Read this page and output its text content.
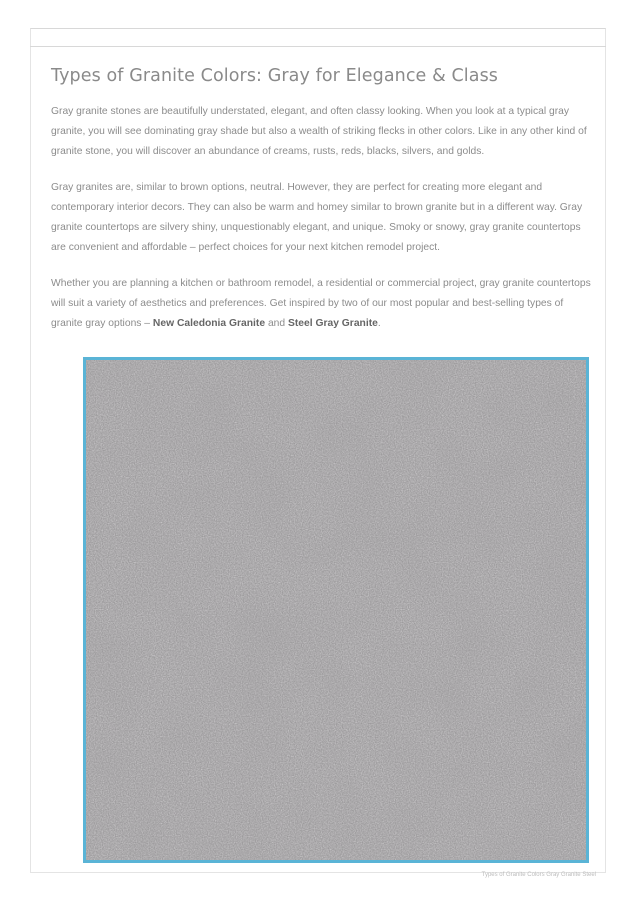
Types of Granite Colors: Gray for Elegance & Class

Gray granite stones are beautifully understated, elegant, and often classy looking. When you look at a typical gray granite, you will see dominating gray shade but also a wealth of striking flecks in other colors. Like in any other kind of granite stone, you will discover an abundance of creams, rusts, reds, blacks, silvers, and golds.

Gray granites are, similar to brown options, neutral. However, they are perfect for creating more elegant and contemporary interior decors. They can also be warm and homey similar to brown granite but in a different way. Gray granite countertops are silvery shiny, unquestionably elegant, and unique. Smoky or snowy, gray granite countertops
are convenient and affordable – perfect choices for your next kitchen remodel project.

Whether you are planning a kitchen or bathroom remodel, a residential or commercial project, gray granite countertops will suit a variety of aesthetics and preferences. Get inspired by two of our most popular and best-selling types of granite gray options – New Caledonia Granite and Steel Gray Granite.

Types of Granite Colors Gray Granite Steel
